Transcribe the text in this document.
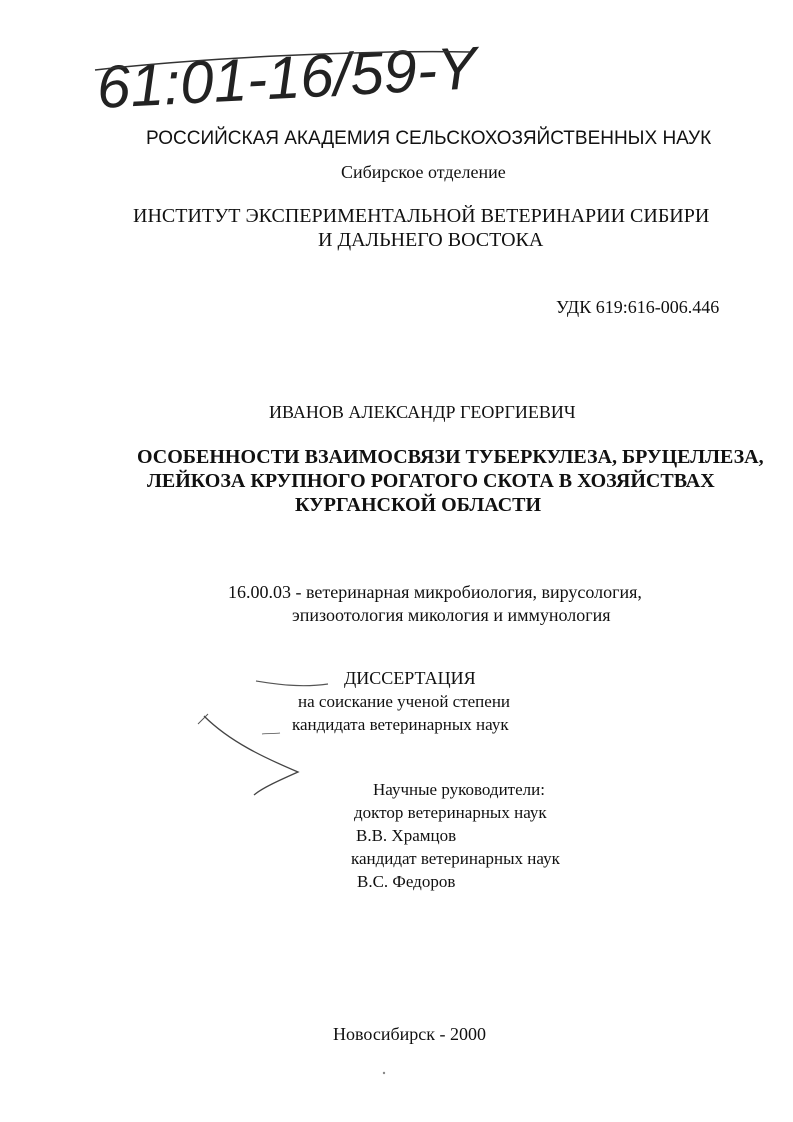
61:01-16/59-Y
РОССИЙСКАЯ АКАДЕМИЯ СЕЛЬСКОХОЗЯЙСТВЕННЫХ НАУК
Сибирское отделение
ИНСТИТУТ ЭКСПЕРИМЕНТАЛЬНОЙ ВЕТЕРИНАРИИ СИБИРИ
И ДАЛЬНЕГО ВОСТОКА
УДК 619:616-006.446
ИВАНОВ АЛЕКСАНДР ГЕОРГИЕВИЧ
ОСОБЕННОСТИ ВЗАИМОСВЯЗИ ТУБЕРКУЛЕЗА, БРУЦЕЛЛЕЗА,
ЛЕЙКОЗА КРУПНОГО РОГАТОГО СКОТА В ХОЗЯЙСТВАХ
КУРГАНСКОЙ ОБЛАСТИ
16.00.03 - ветеринарная микробиология, вирусология,
эпизоотология микология и иммунология
ДИССЕРТАЦИЯ
на соискание ученой степени
кандидата ветеринарных наук
Научные руководители:
доктор ветеринарных наук
В.В. Храмцов
кандидат ветеринарных наук
В.С. Федоров
Новосибирск - 2000
